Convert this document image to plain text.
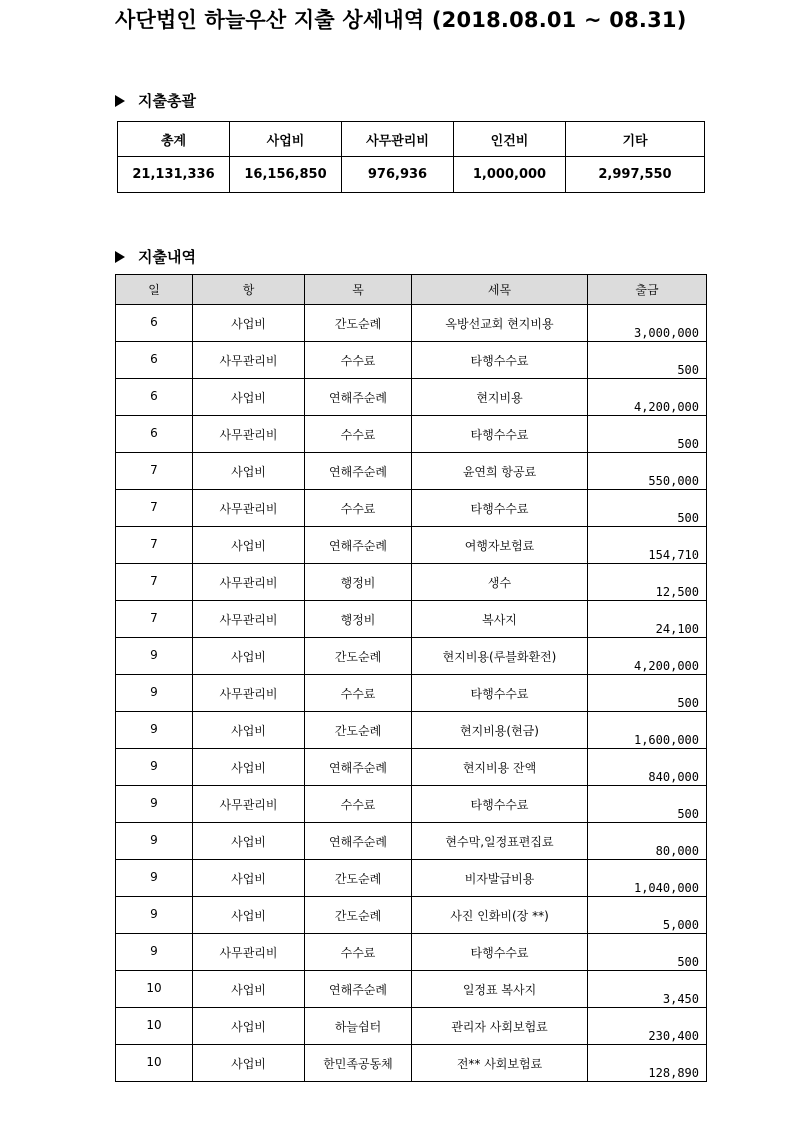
사단법인 하늘우산 지출 상세내역 (2018.08.01 ~ 08.31)
지출총괄
총계	사업비	사무관리비	인건비	기타
21,131,336	16,156,850	976,936	1,000,000	2,997,550
지출내역
일	항	목	세목	출금
6	사업비	간도순례	옥방선교회 현지비용	3,000,000
6	사무관리비	수수료	타행수수료	500
6	사업비	연해주순례	현지비용	4,200,000
6	사무관리비	수수료	타행수수료	500
7	사업비	연해주순례	윤연희 항공료	550,000
7	사무관리비	수수료	타행수수료	500
7	사업비	연해주순례	여행자보험료	154,710
7	사무관리비	행정비	생수	12,500
7	사무관리비	행정비	복사지	24,100
9	사업비	간도순례	현지비용(루블화환전)	4,200,000
9	사무관리비	수수료	타행수수료	500
9	사업비	간도순례	현지비용(현금)	1,600,000
9	사업비	연해주순례	현지비용 잔액	840,000
9	사무관리비	수수료	타행수수료	500
9	사업비	연해주순례	현수막,일정표편집료	80,000
9	사업비	간도순례	비자발급비용	1,040,000
9	사업비	간도순례	사진 인화비(장 **)	5,000
9	사무관리비	수수료	타행수수료	500
10	사업비	연해주순례	일정표 복사지	3,450
10	사업비	하늘쉼터	관리자 사회보험료	230,400
10	사업비	한민족공동체	전** 사회보험료	128,890
